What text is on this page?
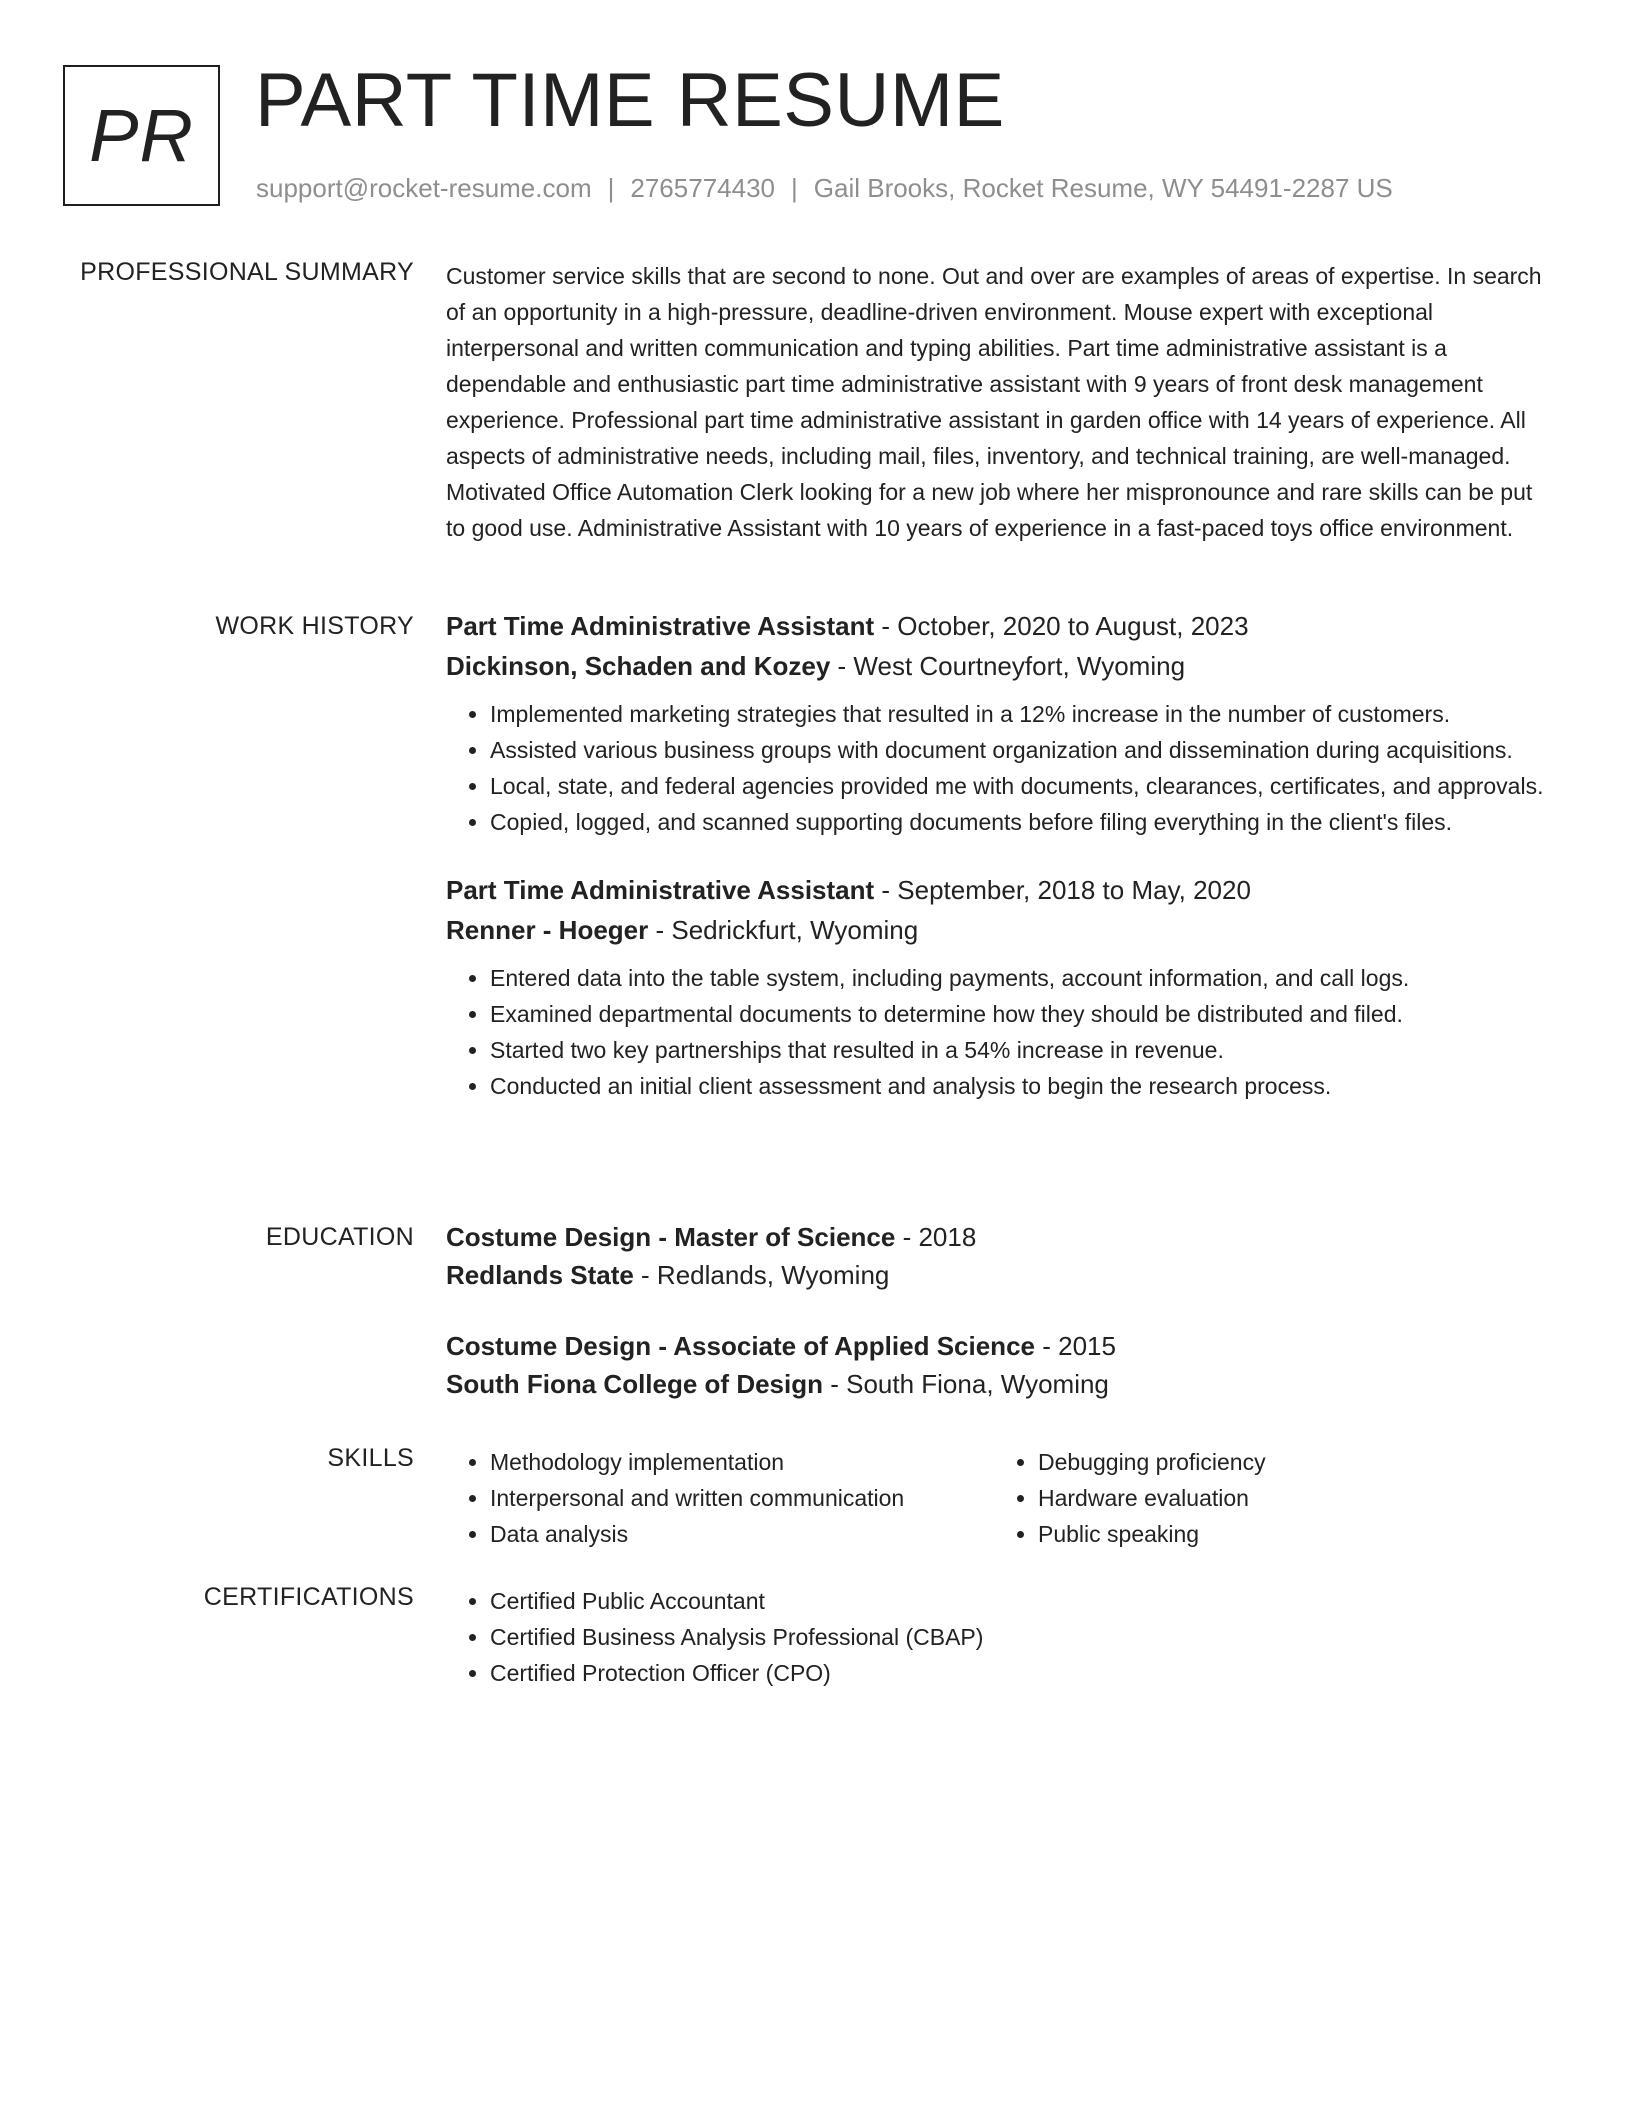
PR PART TIME RESUME
support@rocket-resume.com | 2765774430 | Gail Brooks, Rocket Resume, WY 54491-2287 US
PROFESSIONAL SUMMARY Customer service skills that are second to none. Out and over are examples of areas of expertise. In search of an opportunity in a high-pressure, deadline-driven environment. Mouse expert with exceptional interpersonal and written communication and typing abilities. Part time administrative assistant is a dependable and enthusiastic part time administrative assistant with 9 years of front desk management experience. Professional part time administrative assistant in garden office with 14 years of experience. All aspects of administrative needs, including mail, files, inventory, and technical training, are well-managed. Motivated Office Automation Clerk looking for a new job where her mispronounce and rare skills can be put to good use. Administrative Assistant with 10 years of experience in a fast-paced toys office environment.

WORK HISTORY Part Time Administrative Assistant - October, 2020 to August, 2023
Dickinson, Schaden and Kozey - West Courtneyfort, Wyoming
• Implemented marketing strategies that resulted in a 12% increase in the number of customers.
• Assisted various business groups with document organization and dissemination during acquisitions.
• Local, state, and federal agencies provided me with documents, clearances, certificates, and approvals.
• Copied, logged, and scanned supporting documents before filing everything in the client's files.
Part Time Administrative Assistant - September, 2018 to May, 2020
Renner - Hoeger - Sedrickfurt, Wyoming
• Entered data into the table system, including payments, account information, and call logs.
• Examined departmental documents to determine how they should be distributed and filed.
• Started two key partnerships that resulted in a 54% increase in revenue.
• Conducted an initial client assessment and analysis to begin the research process.
EDUCATION Costume Design - Master of Science - 2018
Redlands State - Redlands, Wyoming
Costume Design - Associate of Applied Science - 2015
South Fiona College of Design - South Fiona, Wyoming
SKILLS	• Methodology implementation
• Interpersonal and written communication
• Data analysis
• Debugging proficiency
• Hardware evaluation
• Public speaking
CERTIFICATIONS	• Certified Public Accountant
• Certified Business Analysis Professional (CBAP)
• Certified Protection Officer (CPO)
